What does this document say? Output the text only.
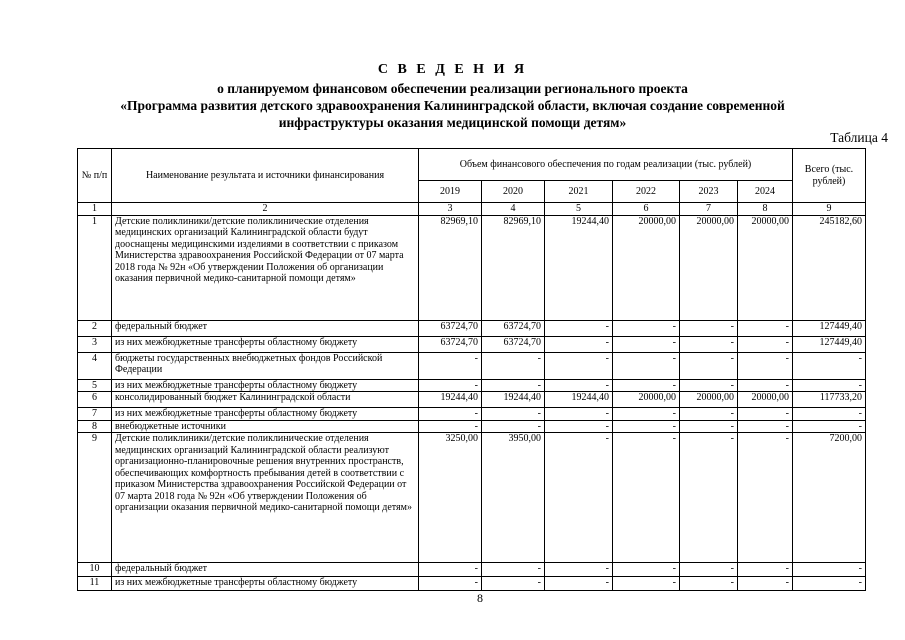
С В Е Д Е Н И Я
о планируемом финансовом обеспечении реализации регионального проекта
«Программа развития детского здравоохранения Калининградской области, включая создание современной
инфраструктуры оказания медицинской помощи детям»
Таблица 4
№ п/п	Наименование результата и источники финансирования	Объем финансового обеспечения по годам реализации (тыс. рублей)						Всего (тыс. рублей)
		2019	2020	2021	2022	2023	2024	
1	2	3	4	5	6	7	8	9
1	Детские поликлиники/детские поликлинические отделения медицинских организаций Калининградской области будут дооснащены медицинскими изделиями в соответствии с приказом Министерства здравоохранения Российской Федерации от 07 марта 2018 года № 92н «Об утверждении Положения об организации оказания первичной медико-санитарной помощи детям»	82969,10	82969,10	19244,40	20000,00	20000,00	20000,00	245182,60
2	федеральный бюджет	63724,70	63724,70	-	-	-	-	127449,40
3	из них межбюджетные трансферты областному бюджету	63724,70	63724,70	-	-	-	-	127449,40
4	бюджеты государственных внебюджетных фондов Российской Федерации	-	-	-	-	-	-	-
5	из них межбюджетные трансферты областному бюджету	-	-	-	-	-	-	-
6	консолидированный бюджет Калининградской области	19244,40	19244,40	19244,40	20000,00	20000,00	20000,00	117733,20
7	из них межбюджетные трансферты областному бюджету	-	-	-	-	-	-	-
8	внебюджетные источники	-	-	-	-	-	-	-
9	Детские поликлиники/детские поликлинические отделения медицинских организаций Калининградской области реализуют организационно-планировочные решения внутренних пространств, обеспечивающих комфортность пребывания детей в соответствии с приказом Министерства здравоохранения Российской Федерации от 07 марта 2018 года № 92н «Об утверждении Положения об организации оказания первичной медико-санитарной помощи детям»	3250,00	3950,00	-	-	-	-	7200,00
10	федеральный бюджет	-	-	-	-	-	-	-
11	из них межбюджетные трансферты областному бюджету	-	-	-	-	-	-	-
8
